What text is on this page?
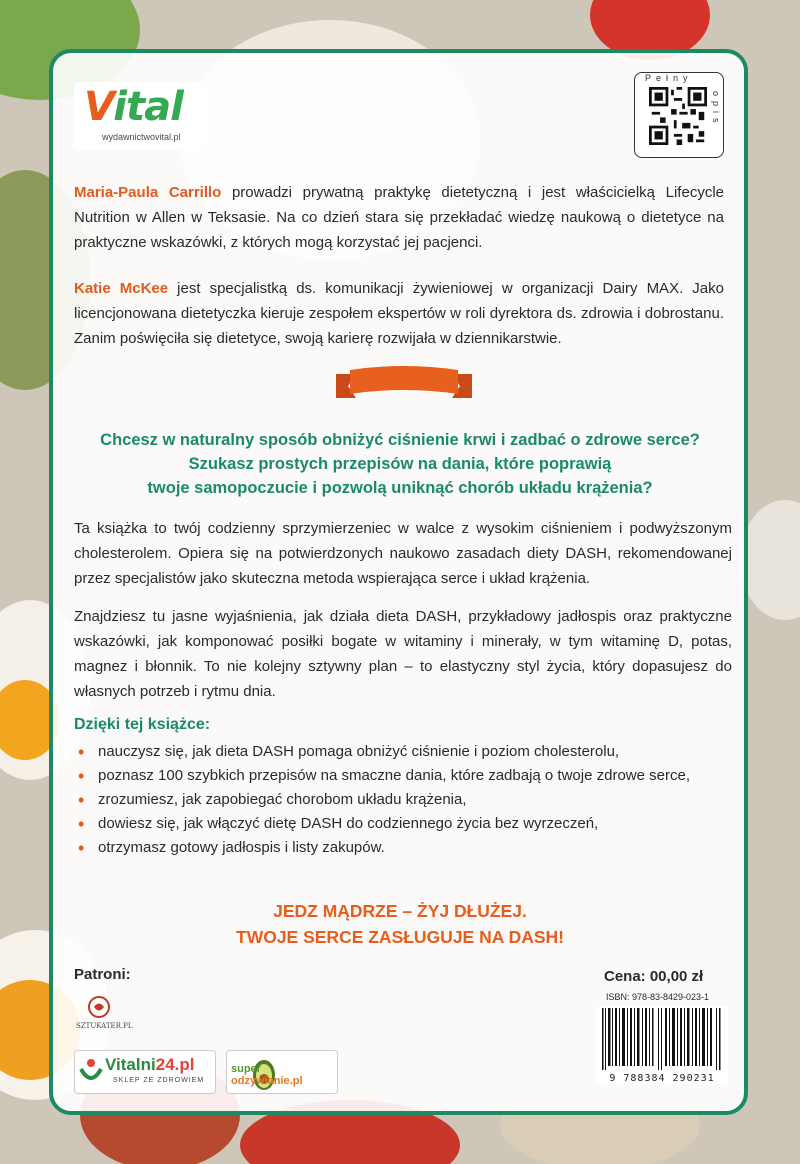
Vital
wydawnictwovital.pl
Pełny
opis

Maria-Paula Carrillo prowadzi prywatną praktykę dietetyczną i jest właścicielką Lifecycle Nutrition w Allen w Teksasie. Na co dzień stara się przekładać wiedzę naukową o dietetyce na praktyczne wskazówki, z których mogą korzystać jej pacjenci.

Katie McKee jest specjalistką ds. komunikacji żywieniowej w organizacji Dairy MAX. Jako licencjonowana dietetyczka kieruje zespołem ekspertów w roli dyrektora ds. zdrowia i dobrostanu. Zanim poświęciła się dietetyce, swoją karierę rozwijała w dziennikarstwie.

Chcesz w naturalny sposób obniżyć ciśnienie krwi i zadbać o zdrowe serce?
Szukasz prostych przepisów na dania, które poprawią
twoje samopoczucie i pozwolą uniknąć chorób układu krążenia?

Ta książka to twój codzienny sprzymierzeniec w walce z wysokim ciśnieniem i podwyższonym cholesterolem. Opiera się na potwierdzonych naukowo zasadach diety DASH, rekomendowanej przez specjalistów jako skuteczna metoda wspierająca serce i układ krążenia.

Znajdziesz tu jasne wyjaśnienia, jak działa dieta DASH, przykładowy jadłospis oraz praktyczne wskazówki, jak komponować posiłki bogate w witaminy i minerały, w tym witaminę D, potas, magnez i błonnik. To nie kolejny sztywny plan – to elastyczny styl życia, który dopasujesz do własnych potrzeb i rytmu dnia.

Dzięki tej książce:
• nauczysz się, jak dieta DASH pomaga obniżyć ciśnienie i poziom cholesterolu,
• poznasz 100 szybkich przepisów na smaczne dania, które zadbają o twoje zdrowe serce,
• zrozumiesz, jak zapobiegać chorobom układu krążenia,
• dowiesz się, jak włączyć dietę DASH do codziennego życia bez wyrzeczeń,
• otrzymasz gotowy jadłospis i listy zakupów.
JEDZ MĄDRZE – ŻYJ DŁUŻEJ.
TWOJE SERCE ZASŁUGUJE NA DASH!
Patroni:
SZTUKATER.PL
Vitalni24.pl
SKLEP ZE ZDROWIEM
superodzywianie.pl
Cena: 00,00 zł
ISBN: 978-83-8429-023-1
9 788384 290231
